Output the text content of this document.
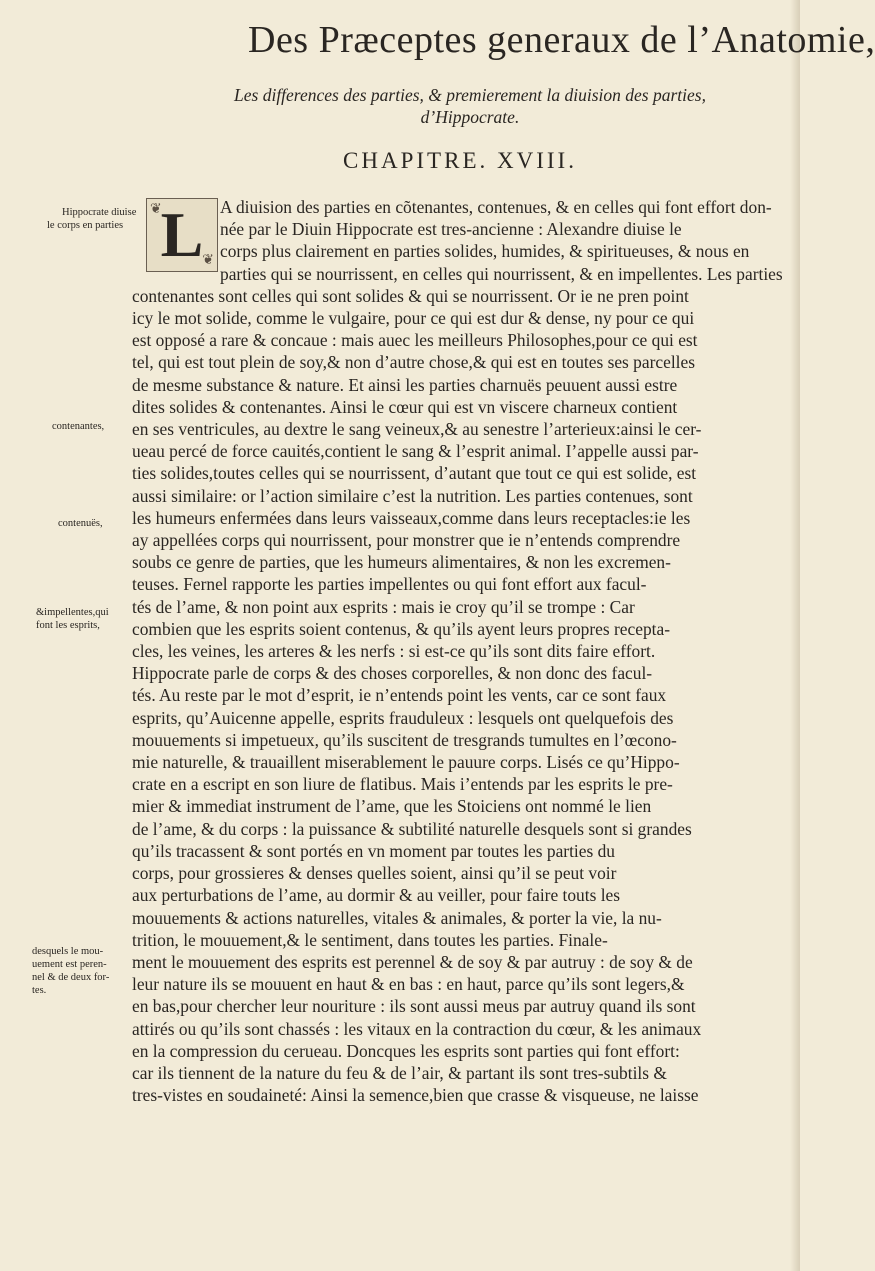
Des Præceptes generaux de l’Anatomie,
Les differences des parties, & premierement la diuision des parties,
d’Hippocrate.
CHAPITRE. XVIII.
❦
❦
L
Hippocrate diuise
le corps en parties
contenantes,
contenuës,
&impellentes,qui
font les esprits,
desquels le mou-
uement est peren-
nel & de deux for-
tes.
A diuision des parties en cõtenantes, contenues, & en celles qui font effort don-
née par le Diuin Hippocrate est tres-ancienne : Alexandre diuise le
corps plus clairement en parties solides, humides, & spiritueuses, & nous en
parties qui se nourrissent, en celles qui nourrissent, & en impellentes. Les parties
contenantes sont celles qui sont solides & qui se nourrissent. Or ie ne pren point
icy le mot solide, comme le vulgaire, pour ce qui est dur & dense, ny pour ce qui
est opposé a rare & concaue : mais auec les meilleurs Philosophes,pour ce qui est
tel, qui est tout plein de soy,& non d’autre chose,& qui est en toutes ses parcelles
de mesme substance & nature. Et ainsi les parties charnuës peuuent aussi estre
dites solides & contenantes. Ainsi le cœur qui est vn viscere charneux contient
en ses ventricules, au dextre le sang veineux,& au senestre l’arterieux:ainsi le cer-
ueau percé de force cauités,contient le sang & l’esprit animal. I’appelle aussi par-
ties solides,toutes celles qui se nourrissent, d’autant que tout ce qui est solide, est
aussi similaire: or l’action similaire c’est la nutrition. Les parties contenues, sont
les humeurs enfermées dans leurs vaisseaux,comme dans leurs receptacles:ie les
ay appellées corps qui nourrissent, pour monstrer que ie n’entends comprendre
soubs ce genre de parties, que les humeurs alimentaires, & non les excremen-
teuses. Fernel rapporte les parties impellentes ou qui font effort aux facul-
tés de l’ame, & non point aux esprits : mais ie croy qu’il se trompe : Car
combien que les esprits soient contenus, & qu’ils ayent leurs propres recepta-
cles, les veines, les arteres & les nerfs : si est-ce qu’ils sont dits faire effort.
Hippocrate parle de corps & des choses corporelles, & non donc des facul-
tés. Au reste par le mot d’esprit, ie n’entends point les vents, car ce sont faux
esprits, qu’Auicenne appelle, esprits frauduleux : lesquels ont quelquefois des
mouuements si impetueux, qu’ils suscitent de tresgrands tumultes en l’œcono-
mie naturelle, & trauaillent miserablement le pauure corps. Lisés ce qu’Hippo-
crate en a escript en son liure de flatibus. Mais i’entends par les esprits le pre-
mier & immediat instrument de l’ame, que les Stoiciens ont nommé le lien
de l’ame, & du corps : la puissance & subtilité naturelle desquels sont si grandes
qu’ils tracassent & sont portés en vn moment par toutes les parties du
corps, pour grossieres & denses quelles soient, ainsi qu’il se peut voir
aux perturbations de l’ame, au dormir & au veiller, pour faire touts les
mouuements & actions naturelles, vitales & animales, & porter la vie, la nu-
trition, le mouuement,& le sentiment, dans toutes les parties. Finale-
ment le mouuement des esprits est perennel & de soy & par autruy : de soy & de
leur nature ils se mouuent en haut & en bas : en haut, parce qu’ils sont legers,&
en bas,pour chercher leur nouriture : ils sont aussi meus par autruy quand ils sont
attirés ou qu’ils sont chassés : les vitaux en la contraction du cœur, & les animaux
en la compression du cerueau. Doncques les esprits sont parties qui font effort:
car ils tiennent de la nature du feu & de l’air, & partant ils sont tres-subtils &
tres-vistes en soudaineté: Ainsi la semence,bien que crasse & visqueuse, ne laisse
